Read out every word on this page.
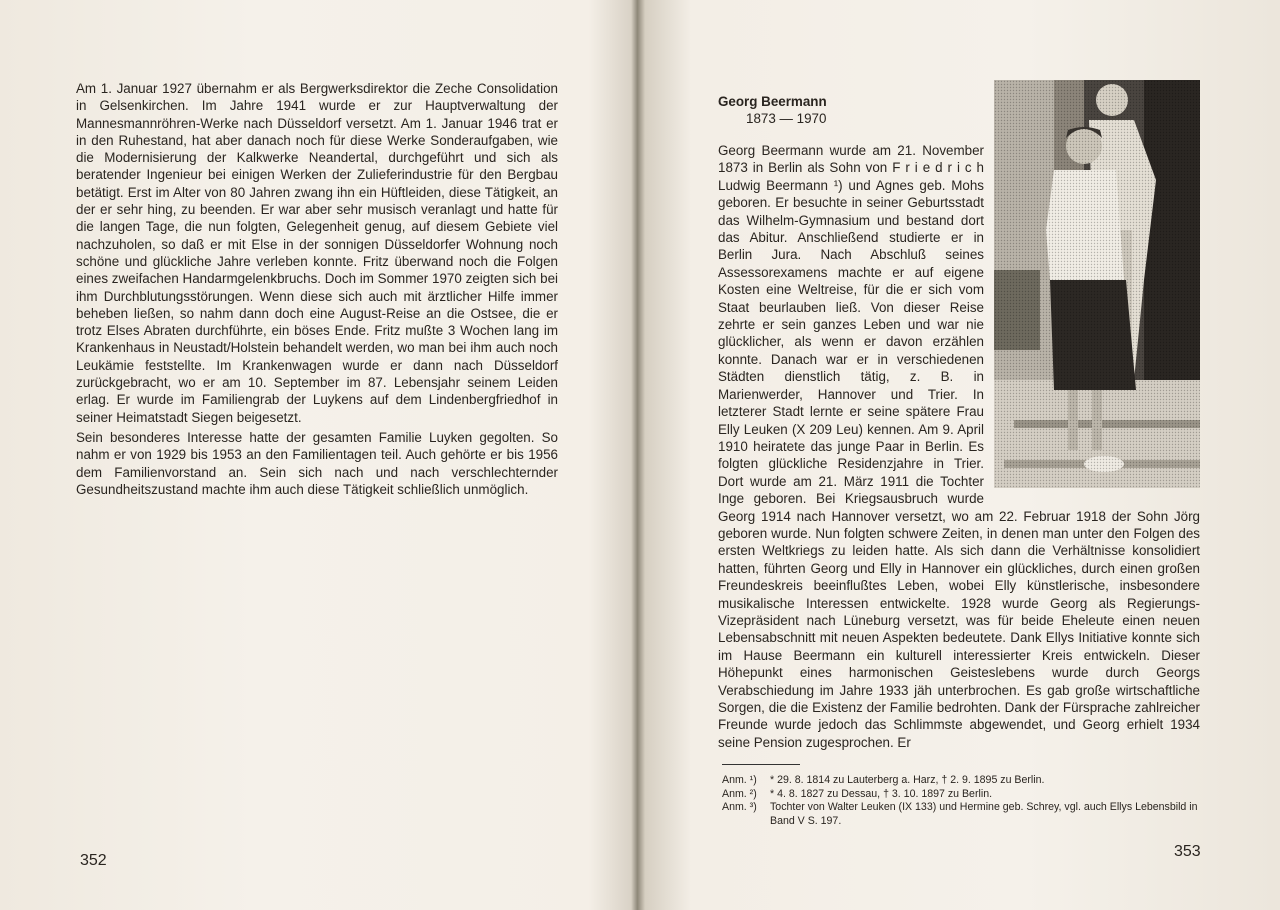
Am 1. Januar 1927 übernahm er als Bergwerksdirektor die Zeche Consolidation in Gelsenkirchen. Im Jahre 1941 wurde er zur Hauptverwaltung der Mannesmannröhren-Werke nach Düsseldorf versetzt. Am 1. Januar 1946 trat er in den Ruhestand, hat aber danach noch für diese Werke Sonderaufgaben, wie die Modernisierung der Kalkwerke Neandertal, durchgeführt und sich als beratender Ingenieur bei einigen Werken der Zulieferindustrie für den Bergbau betätigt. Erst im Alter von 80 Jahren zwang ihn ein Hüftleiden, diese Tätigkeit, an der er sehr hing, zu beenden. Er war aber sehr musisch veranlagt und hatte für die langen Tage, die nun folgten, Gelegenheit genug, auf diesem Gebiete viel nachzuholen, so daß er mit Else in der sonnigen Düsseldorfer Wohnung noch schöne und glückliche Jahre verleben konnte. Fritz überwand noch die Folgen eines zweifachen Handarmgelenkbruchs. Doch im Sommer 1970 zeigten sich bei ihm Durchblutungsstörungen. Wenn diese sich auch mit ärztlicher Hilfe immer beheben ließen, so nahm dann doch eine August-Reise an die Ostsee, die er trotz Elses Abraten durchführte, ein böses Ende. Fritz mußte 3 Wochen lang im Krankenhaus in Neustadt/Holstein behandelt werden, wo man bei ihm auch noch Leukämie feststellte. Im Krankenwagen wurde er dann nach Düsseldorf zurückgebracht, wo er am 10. September im 87. Lebensjahr seinem Leiden erlag. Er wurde im Familiengrab der Luykens auf dem Lindenbergfriedhof in seiner Heimatstadt Siegen beigesetzt.

Sein besonderes Interesse hatte der gesamten Familie Luyken gegolten. So nahm er von 1929 bis 1953 an den Familientagen teil. Auch gehörte er bis 1956 dem Familienvorstand an. Sein sich nach und nach verschlechternder Gesundheitszustand machte ihm auch diese Tätigkeit schließlich unmöglich.

352
Georg Beermann
1873 — 1970

Georg Beermann wurde am 21. November 1873 in Berlin als Sohn von F r i e d r i c h Ludwig Beermann ¹) und Agnes geb. Mohs geboren. Er besuchte in seiner Geburtsstadt das Wilhelm-Gymnasium und bestand dort das Abitur. Anschließend studierte er in Berlin Jura. Nach Abschluß seines Assessorexamens machte er auf eigene Kosten eine Weltreise, für die er sich vom Staat beurlauben ließ. Von dieser Reise zehrte er sein ganzes Leben und war nie glücklicher, als wenn er davon erzählen konnte. Danach war er in verschiedenen Städten dienstlich tätig, z. B. in Marienwerder, Hannover und Trier. In letzterer Stadt lernte er seine spätere Frau Elly Leuken (X 209 Leu) kennen. Am 9. April 1910 heiratete das junge Paar in Berlin. Es folgten glückliche Residenzjahre in Trier. Dort wurde am 21. März 1911 die Tochter Inge geboren. Bei Kriegsausbruch wurde Georg 1914 nach Hannover versetzt, wo am 22. Februar 1918 der Sohn Jörg geboren wurde. Nun folgten schwere Zeiten, in denen man unter den Folgen des ersten Weltkriegs zu leiden hatte. Als sich dann die Verhältnisse konsolidiert hatten, führten Georg und Elly in Hannover ein glückliches, durch einen großen Freundeskreis beeinflußtes Leben, wobei Elly künstlerische, insbesondere musikalische Interessen entwickelte. 1928 wurde Georg als Regierungs-Vizepräsident nach Lüneburg versetzt, was für beide Eheleute einen neuen Lebensabschnitt mit neuen Aspekten bedeutete. Dank Ellys Initiative konnte sich im Hause Beermann ein kulturell interessierter Kreis entwickeln. Dieser Höhepunkt eines harmonischen Geisteslebens wurde durch Georgs Verabschiedung im Jahre 1933 jäh unterbrochen. Es gab große wirtschaftliche Sorgen, die die Existenz der Familie bedrohten. Dank der Fürsprache zahlreicher Freunde wurde jedoch das Schlimmste abgewendet, und Georg erhielt 1934 seine Pension zugesprochen. Er

Anm. ¹)	* 29. 8. 1814 zu Lauterberg a. Harz, † 2. 9. 1895 zu Berlin.
Anm. ²)	* 4. 8. 1827 zu Dessau, † 3. 10. 1897 zu Berlin.
Anm. ³)	Tochter von Walter Leuken (IX 133) und Hermine geb. Schrey, vgl. auch Ellys Lebensbild in Band V S. 197.
353
